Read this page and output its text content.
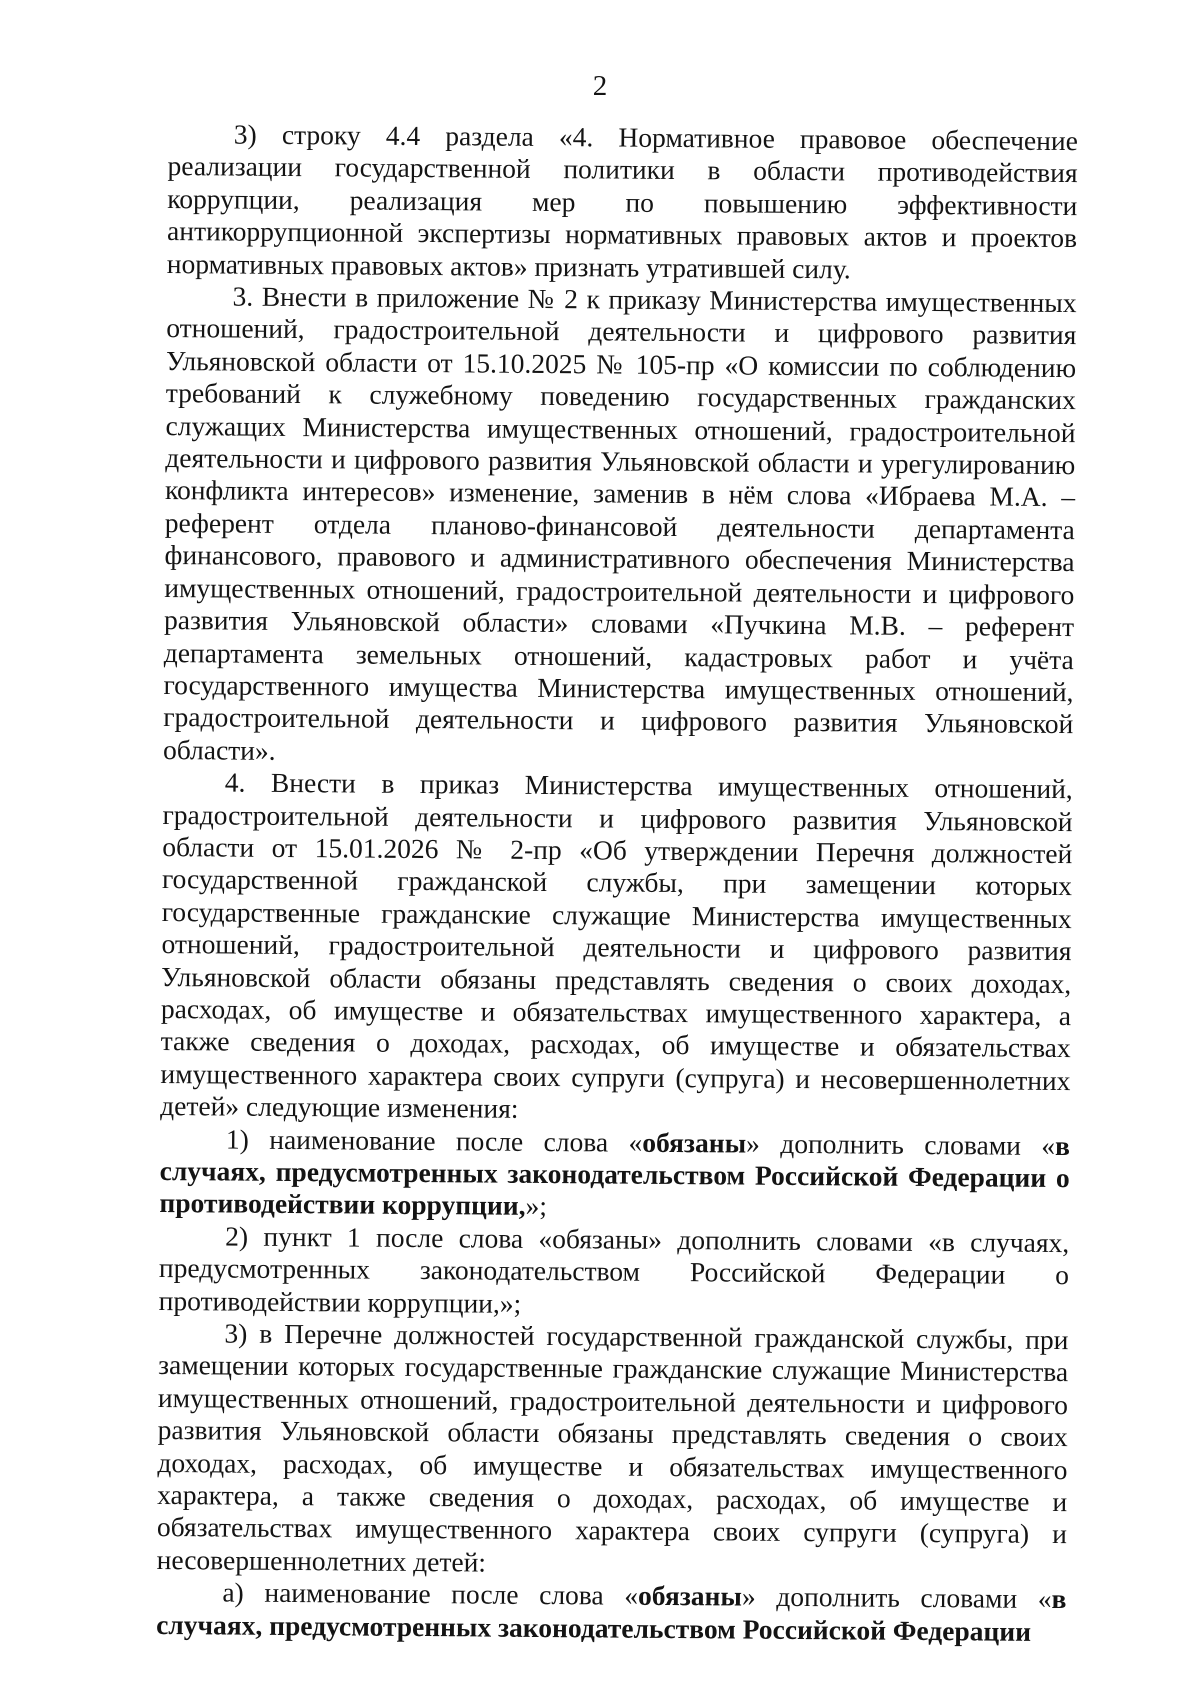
2

3) строку 4.4 раздела «4. Нормативное правовое обеспечение реализации государственной политики в области противодействия коррупции, реализация мер по повышению эффективности антикоррупционной экспертизы нормативных правовых актов и проектов нормативных правовых актов» признать утратившей силу.

3. Внести в приложение № 2 к приказу Министерства имущественных отношений, градостроительной деятельности и цифрового развития Ульяновской области от 15.10.2025 № 105-пр «О комиссии по соблюдению требований к служебному поведению государственных гражданских служащих Министерства имущественных отношений, градостроительной деятельности и цифрового развития Ульяновской области и урегулированию конфликта интересов» изменение, заменив в нём слова «Ибраева М.А. – референт отдела планово-финансовой деятельности департамента финансового, правового и административного обеспечения Министерства имущественных отношений, градостроительной деятельности и цифрового развития Ульяновской области» словами «Пучкина М.В. – референт департамента земельных отношений, кадастровых работ и учёта государственного имущества Министерства имущественных отношений, градостроительной деятельности и цифрового развития Ульяновской области».

4. Внести в приказ Министерства имущественных отношений, градостроительной деятельности и цифрового развития Ульяновской области от 15.01.2026 № 2-пр «Об утверждении Перечня должностей государственной гражданской службы, при замещении которых государственные гражданские служащие Министерства имущественных отношений, градостроительной деятельности и цифрового развития Ульяновской области обязаны представлять сведения о своих доходах, расходах, об имуществе и обязательствах имущественного характера, а также сведения о доходах, расходах, об имуществе и обязательствах имущественного характера своих супруги (супруга) и несовершеннолетних детей» следующие изменения:

1) наименование после слова «обязаны» дополнить словами «в случаях, предусмотренных законодательством Российской Федерации о противодействии коррупции,»;

2) пункт 1 после слова «обязаны» дополнить словами «в случаях, предусмотренных законодательством Российской Федерации о противодействии коррупции,»;

3) в Перечне должностей государственной гражданской службы, при замещении которых государственные гражданские служащие Министерства имущественных отношений, градостроительной деятельности и цифрового развития Ульяновской области обязаны представлять сведения о своих доходах, расходах, об имуществе и обязательствах имущественного характера, а также сведения о доходах, расходах, об имуществе и обязательствах имущественного характера своих супруги (супруга) и несовершеннолетних детей:

а) наименование после слова «обязаны» дополнить словами «в случаях, предусмотренных законодательством Российской Федерации
